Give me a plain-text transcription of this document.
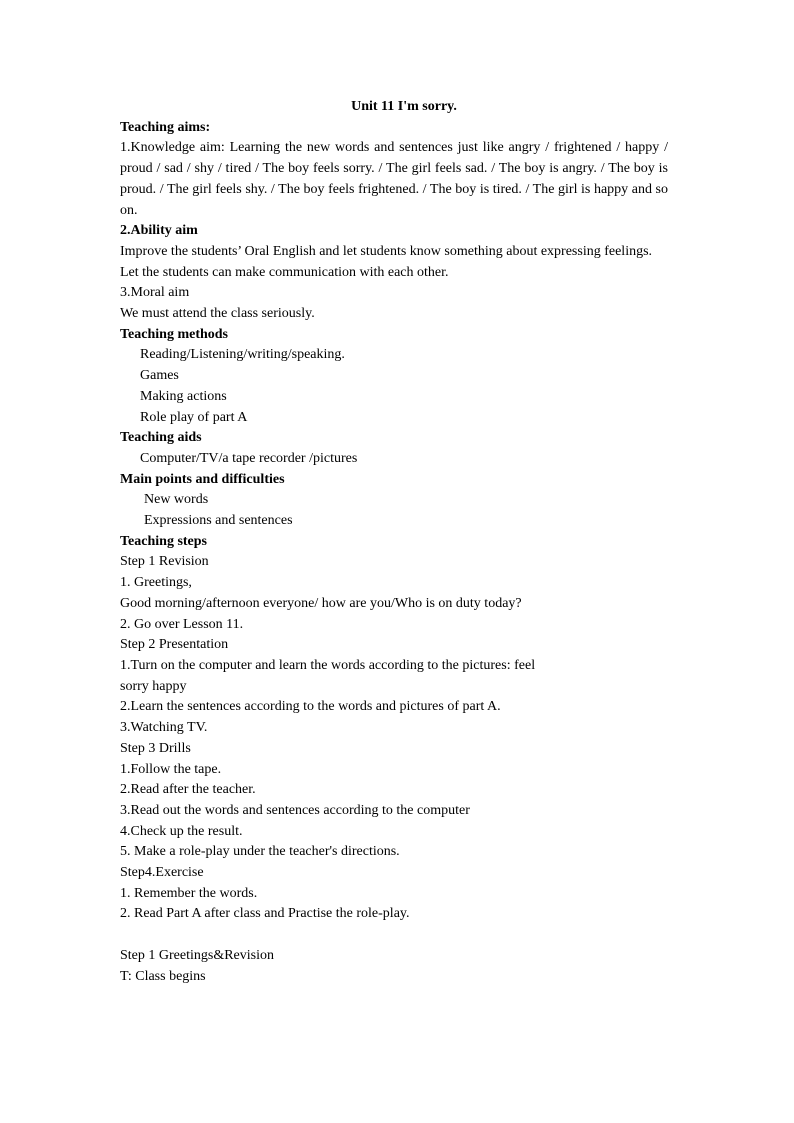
Unit 11 I'm sorry.
Teaching aims:
1.Knowledge aim: Learning the new words and sentences just like angry / frightened / happy / proud / sad / shy / tired / The boy feels sorry. / The girl feels sad. / The boy is angry. / The boy is proud. / The girl feels shy. / The boy feels frightened. / The boy is tired. / The girl is happy and so on.
2.Ability aim
Improve the students’ Oral English and let students know something about expressing feelings.
Let the students can make communication with each other.
3.Moral aim
We must attend the class seriously.
Teaching methods
Reading/Listening/writing/speaking.
Games
Making actions
Role play of part A
Teaching aids
Computer/TV/a tape recorder /pictures
Main points and difficulties
New words
Expressions and sentences
Teaching steps
Step 1 Revision
1. Greetings,
Good morning/afternoon everyone/ how are you/Who is on duty today?
2. Go over Lesson 11.
Step 2 Presentation
1.Turn on the computer and learn the words according to the pictures: feel
sorry happy
2.Learn the sentences according to the words and pictures of part A.
3.Watching TV.
Step 3 Drills
1.Follow the tape.
2.Read after the teacher.
3.Read out the words and sentences according to the computer
4.Check up the result.
5. Make a role-play under the teacher's directions.
Step4.Exercise
1. Remember the words.
2. Read Part A after class and Practise the role-play.
Step 1 Greetings&Revision
T: Class begins
